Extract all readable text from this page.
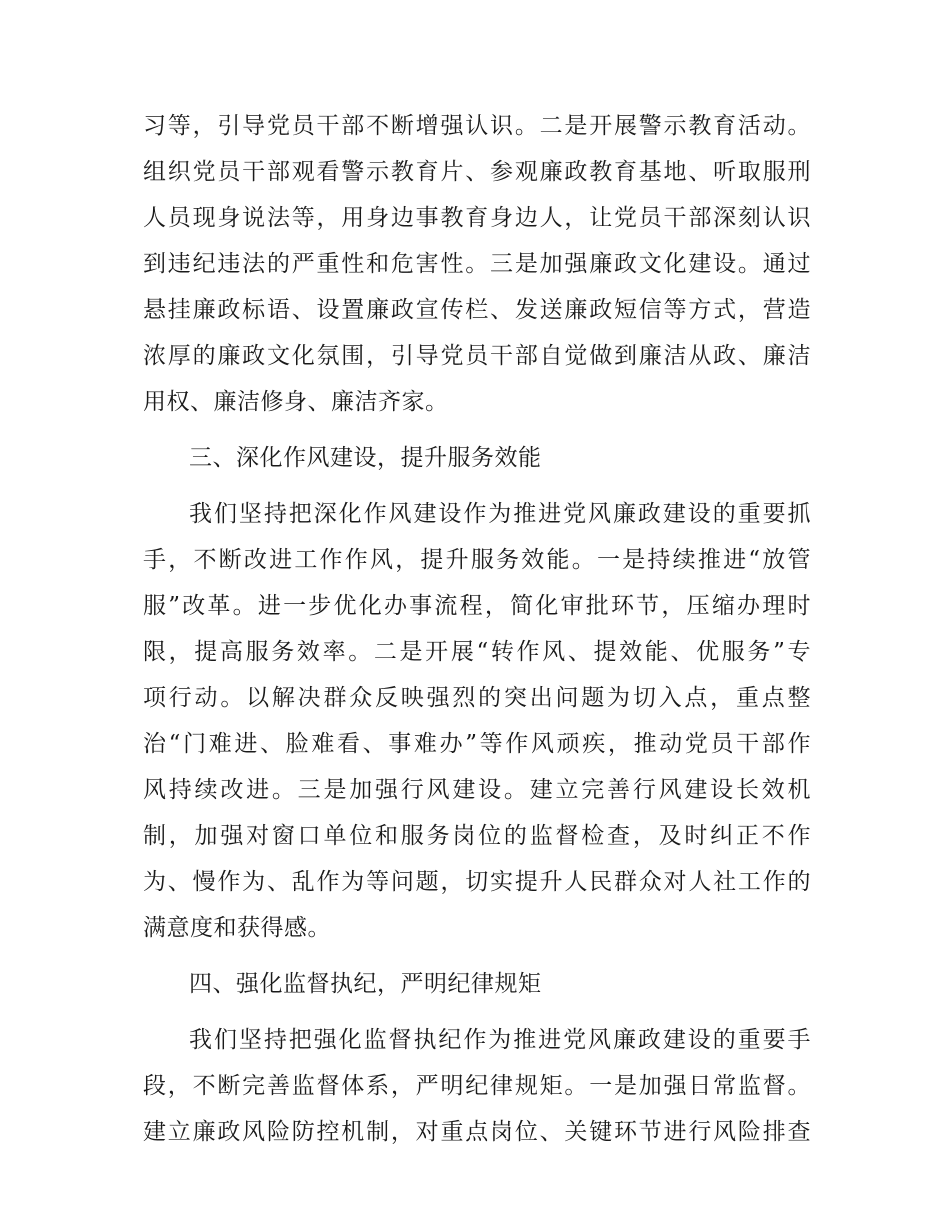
习等，引导党员干部不断增强认识。二是开展警示教育活动。
组织党员干部观看警示教育片、参观廉政教育基地、听取服刑
人员现身说法等，用身边事教育身边人，让党员干部深刻认识
到违纪违法的严重性和危害性。三是加强廉政文化建设。通过
悬挂廉政标语、设置廉政宣传栏、发送廉政短信等方式，营造
浓厚的廉政文化氛围，引导党员干部自觉做到廉洁从政、廉洁
用权、廉洁修身、廉洁齐家。
三、深化作风建设，提升服务效能
我们坚持把深化作风建设作为推进党风廉政建设的重要抓
手，不断改进工作作风，提升服务效能。一是持续推进“放管
服”改革。进一步优化办事流程，简化审批环节，压缩办理时
限，提高服务效率。二是开展“转作风、提效能、优服务”专
项行动。以解决群众反映强烈的突出问题为切入点，重点整
治“门难进、脸难看、事难办”等作风顽疾，推动党员干部作
风持续改进。三是加强行风建设。建立完善行风建设长效机
制，加强对窗口单位和服务岗位的监督检查，及时纠正不作
为、慢作为、乱作为等问题，切实提升人民群众对人社工作的
满意度和获得感。
四、强化监督执纪，严明纪律规矩
我们坚持把强化监督执纪作为推进党风廉政建设的重要手
段，不断完善监督体系，严明纪律规矩。一是加强日常监督。
建立廉政风险防控机制，对重点岗位、关键环节进行风险排查
